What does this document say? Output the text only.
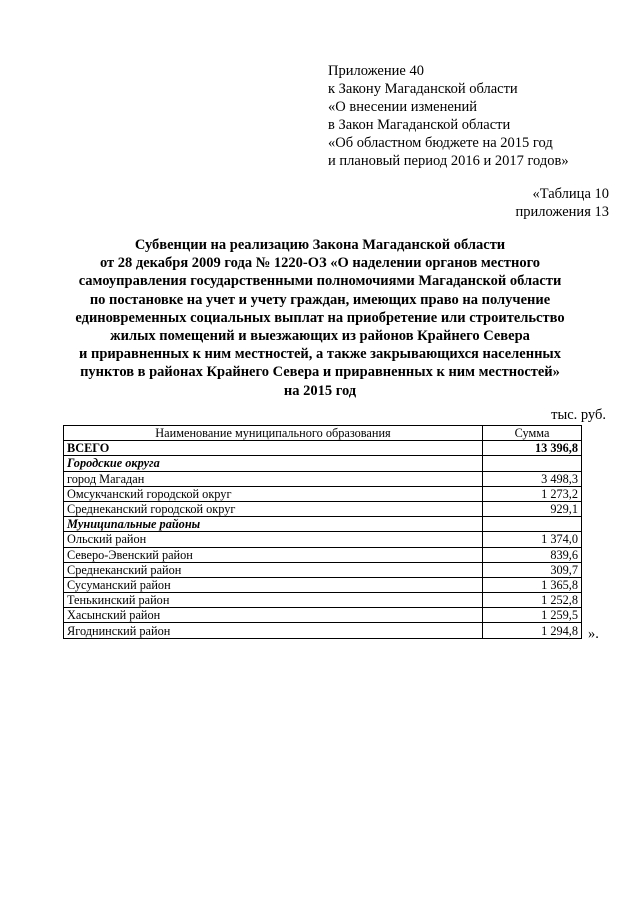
Приложение 40
к Закону Магаданской области
«О внесении изменений
в Закон Магаданской области
«Об областном бюджете на 2015 год
и плановый период 2016 и 2017 годов»
«Таблица 10
приложения 13
Субвенции на реализацию Закона Магаданской области
от 28 декабря 2009 года № 1220-ОЗ «О наделении органов местного
самоуправления государственными полномочиями Магаданской области
по постановке на учет и учету граждан, имеющих право на получение
единовременных социальных выплат на приобретение или строительство
жилых помещений и выезжающих из районов Крайнего Севера
и приравненных к ним местностей, а также закрывающихся населенных
пунктов в районах Крайнего Севера и приравненных к ним местностей»
на 2015 год
тыс. руб.
Наименование муниципального образования	Сумма
ВСЕГО	13 396,8
Городские округа	
город Магадан	3 498,3
Омсукчанский городской округ	1 273,2
Среднеканский городской округ	929,1
Муниципальные районы	
Ольский район	1 374,0
Северо-Эвенский район	839,6
Среднеканский район	309,7
Сусуманский район	1 365,8
Тенькинский район	1 252,8
Хасынский район	1 259,5
Ягоднинский район	1 294,8 ».
